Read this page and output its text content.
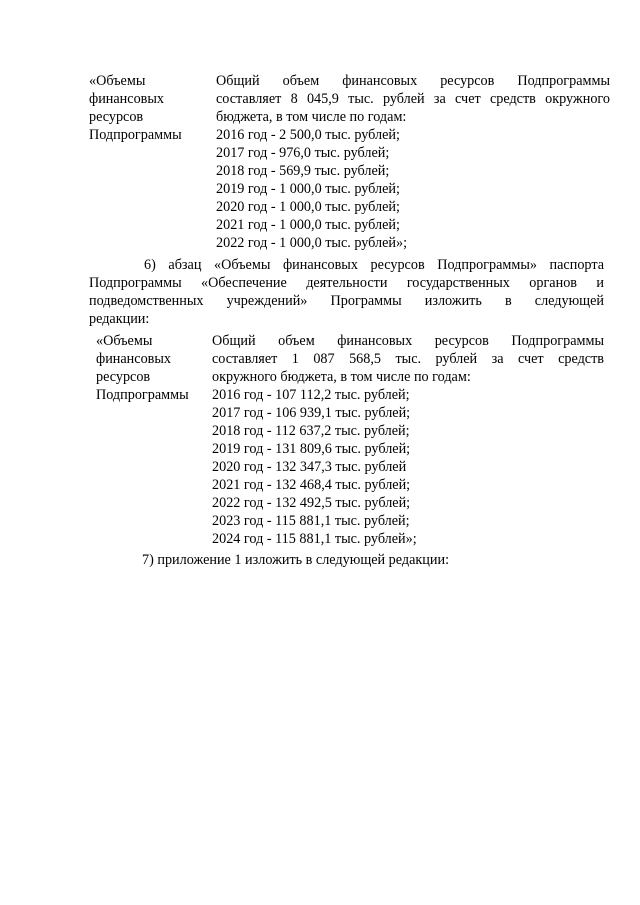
«Объемы
финансовых
ресурсов
Подпрограммы
Общий объем финансовых ресурсов Подпрограммы
составляет 8 045,9 тыс. рублей за счет средств окружного
бюджета, в том числе по годам:
2016 год - 2 500,0 тыс. рублей;
2017 год - 976,0 тыс. рублей;
2018 год - 569,9 тыс. рублей;
2019 год - 1 000,0 тыс. рублей;
2020 год - 1 000,0 тыс. рублей;
2021 год - 1 000,0 тыс. рублей;
2022 год - 1 000,0 тыс. рублей»;
6) абзац «Объемы финансовых ресурсов Подпрограммы» паспорта
Подпрограммы «Обеспечение деятельности государственных органов и
подведомственных учреждений» Программы изложить в следующей
редакции:
«Объемы
финансовых
ресурсов
Подпрограммы
Общий объем финансовых ресурсов Подпрограммы
составляет 1 087 568,5 тыс. рублей за счет средств
окружного бюджета, в том числе по годам:
2016 год - 107 112,2 тыс. рублей;
2017 год - 106 939,1 тыс. рублей;
2018 год - 112 637,2 тыс. рублей;
2019 год - 131 809,6 тыс. рублей;
2020 год - 132 347,3 тыс. рублей
2021 год - 132 468,4 тыс. рублей;
2022 год - 132 492,5 тыс. рублей;
2023 год - 115 881,1 тыс. рублей;
2024 год - 115 881,1 тыс. рублей»;
7) приложение 1 изложить в следующей редакции:
